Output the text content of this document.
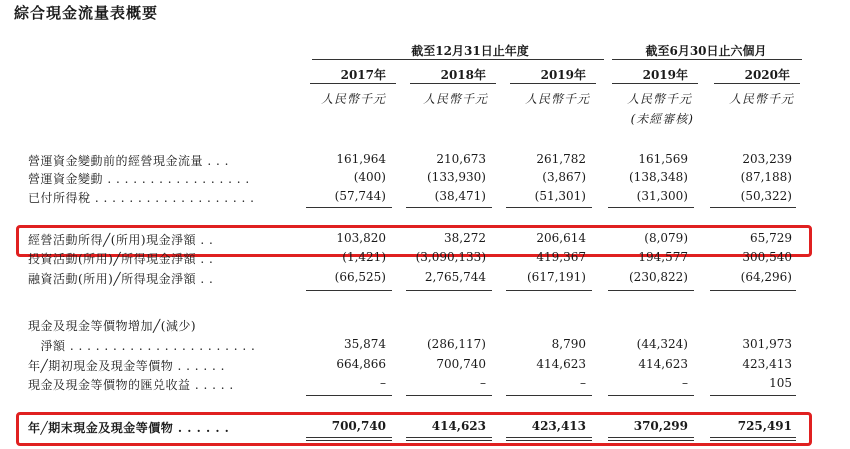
綜合現金流量表概要
截至12月31日止年度	截至6月30日止六個月
2017年	2018年	2019年	2019年	2020年
人民幣千元	人民幣千元	人民幣千元	人民幣千元	人民幣千元
(未經審核)
營運資金變動前的經營現金流量 . . .	161,964	210,673	261,782	161,569	203,239
營運資金變動 . . . . . . . . . . . . . . . . .	(400)	(133,930)	(3,867)	(138,348)	(87,188)
已付所得稅 . . . . . . . . . . . . . . . . . . .	(57,744)	(38,471)	(51,301)	(31,300)	(50,322)
經營活動所得╱(所用)現金淨額 . .	103,820	38,272	206,614	(8,079)	65,729
投資活動(所用)╱所得現金淨額 . .	(1,421)	(3,090,133)	419,367	194,577	300,540
融資活動(所用)╱所得現金淨額 . .	(66,525)	2,765,744	(617,191)	(230,822)	(64,296)
現金及現金等價物增加╱(減少)
　淨額 . . . . . . . . . . . . . . . . . . . . . .	35,874	(286,117)	8,790	(44,324)	301,973
年╱期初現金及現金等價物 . . . . . .	664,866	700,740	414,623	414,623	423,413
現金及現金等價物的匯兑收益 . . . . .	–	–	–	–	105
年╱期末現金及現金等價物 . . . . . .	700,740	414,623	423,413	370,299	725,491
